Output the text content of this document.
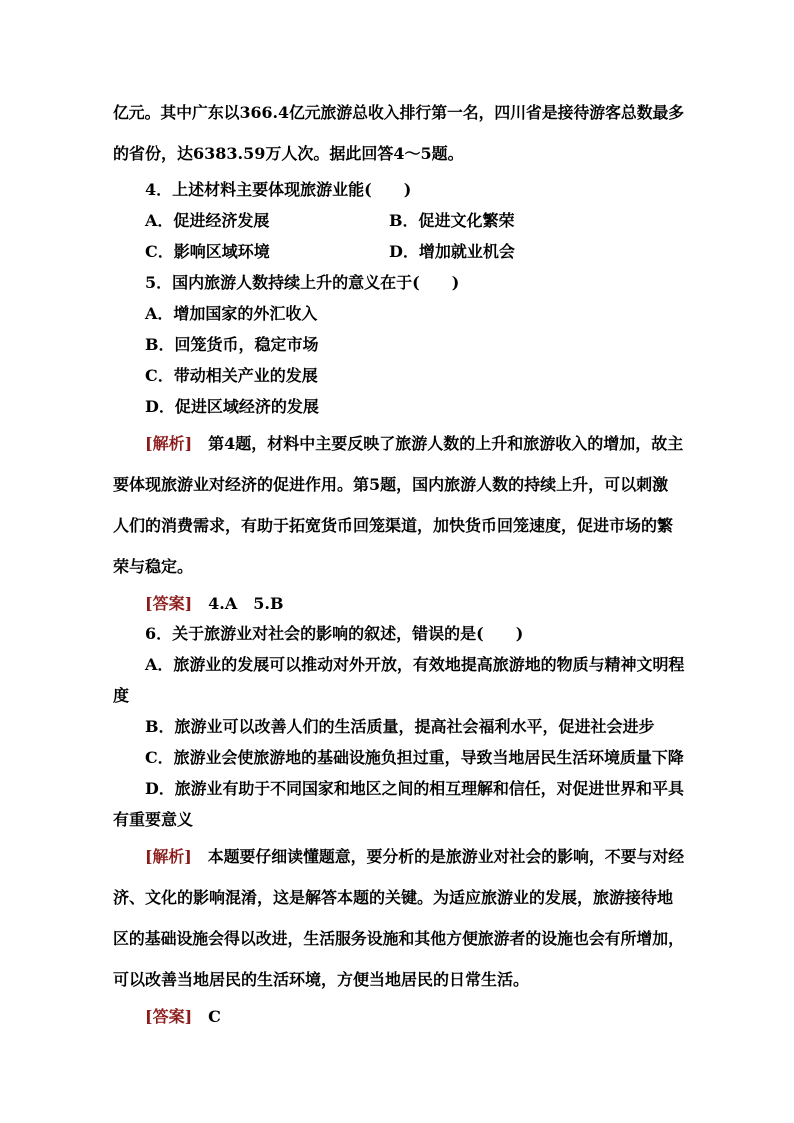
亿元。其中广东以366.4亿元旅游总收入排行第一名，四川省是接待游客总数最多
的省份，达6383.59万人次。据此回答4～5题。
4．上述材料主要体现旅游业能(　　)
A．促进经济发展	B．促进文化繁荣
C．影响区域环境	D．增加就业机会
5．国内旅游人数持续上升的意义在于(　　)
A．增加国家的外汇收入
B．回笼货币，稳定市场
C．带动相关产业的发展
D．促进区域经济的发展
[解析]　 第4题，材料中主要反映了旅游人数的上升和旅游收入的增加，故主
要体现旅游业对经济的促进作用。第5题，国内旅游人数的持续上升，可以刺激
人们的消费需求，有助于拓宽货币回笼渠道，加快货币回笼速度，促进市场的繁
荣与稳定。
[答案]　 4.A　5.B
6．关于旅游业对社会的影响的叙述，错误的是(　　)
A．旅游业的发展可以推动对外开放，有效地提高旅游地的物质与精神文明程
度
B．旅游业可以改善人们的生活质量，提高社会福利水平，促进社会进步
C．旅游业会使旅游地的基础设施负担过重，导致当地居民生活环境质量下降
D．旅游业有助于不同国家和地区之间的相互理解和信任，对促进世界和平具
有重要意义
[解析]　 本题要仔细读懂题意，要分析的是旅游业对社会的影响，不要与对经
济、文化的影响混淆，这是解答本题的关键。为适应旅游业的发展，旅游接待地
区的基础设施会得以改进，生活服务设施和其他方便旅游者的设施也会有所增加，
可以改善当地居民的生活环境，方便当地居民的日常生活。
[答案]　 C
